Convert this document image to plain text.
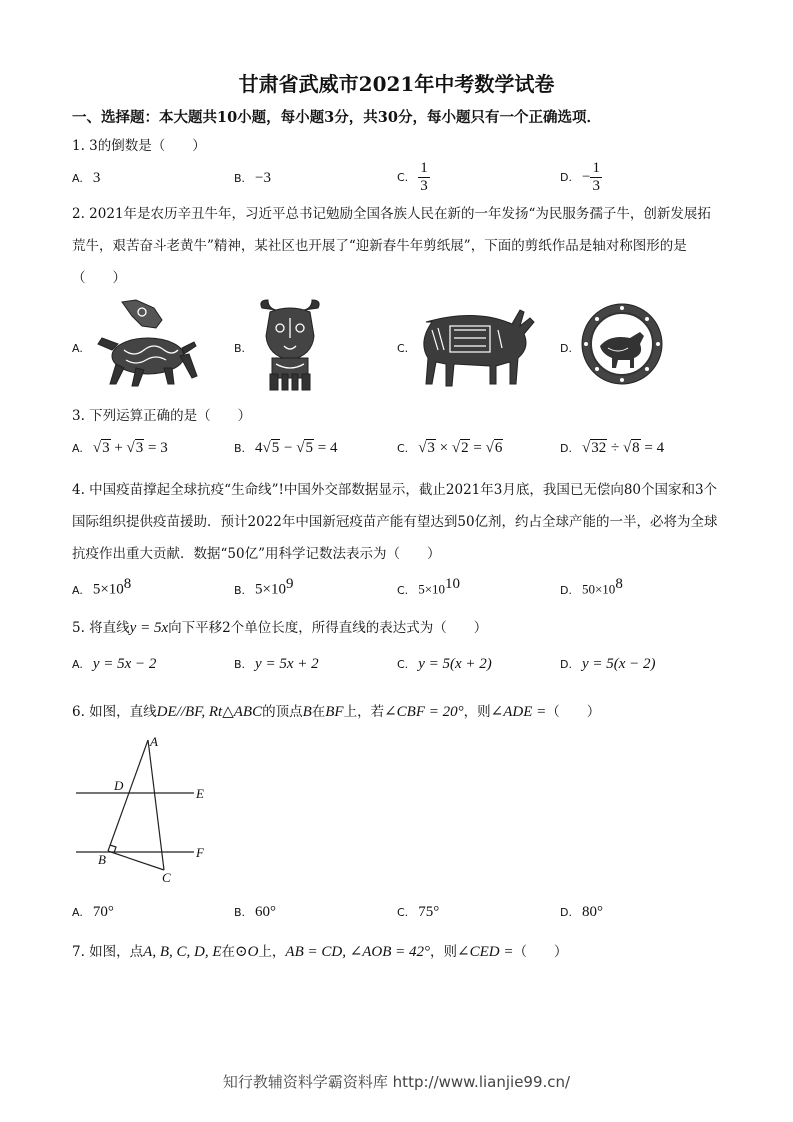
甘肃省武威市2021年中考数学试卷
一、选择题：本大题共10小题，每小题3分，共30分，每小题只有一个正确选项．
1. 3的倒数是（　　）
A. 3	B. −3	C. $\frac{1}{3}$	D. − $\frac{1}{3}$
2. 2021年是农历辛丑牛年，习近平总书记勉励全国各族人民在新的一年发扬“为民服务孺子牛，创新发展拓荒牛，艰苦奋斗老黄牛”精神，某社区也开展了“迎新春牛年剪纸展”，下面的剪纸作品是轴对称图形的是（　　）
A.	B.	C.	D.
3. 下列运算正确的是（　　）
A. √3 + √3 = 3	B. 4√5 − √5 = 4	C. √3 × √2 = √6	D. √32 ÷ √8 = 4
4. 中国疫苗撑起全球抗疫“生命线”!中国外交部数据显示，截止2021年3月底，我国已无偿向80个国家和3个国际组织提供疫苗援助．预计2022年中国新冠疫苗产能有望达到50亿剂，约占全球产能的一半，必将为全球抗疫作出重大贡献．数据“50亿”用科学记数法表示为（　　）
A. $5\times 10^8$	B. $5\times 10^9$	C. $5\times 10^{10}$	D. $50\times 10^8$
5. 将直线y = 5x向下平移2个单位长度，所得直线的表达式为（　　）
A. y = 5x − 2	B. y = 5x + 2	C. y = 5(x + 2)	D. y = 5(x − 2)
6. 如图，直线DE//BF, Rt△ABC的顶点B在BF上，若∠CBF = 20°，则∠ADE =（　　）
A
D
E
B	F
C
A. 70°	B. 60°	C. 75°	D. 80°
7. 如图，点A, B, C, D, E在⊙O上，AB = CD, ∠AOB = 42°，则∠CED =（　　）
知行教辅资料学霸资料库 http://www.lianjie99.cn/
